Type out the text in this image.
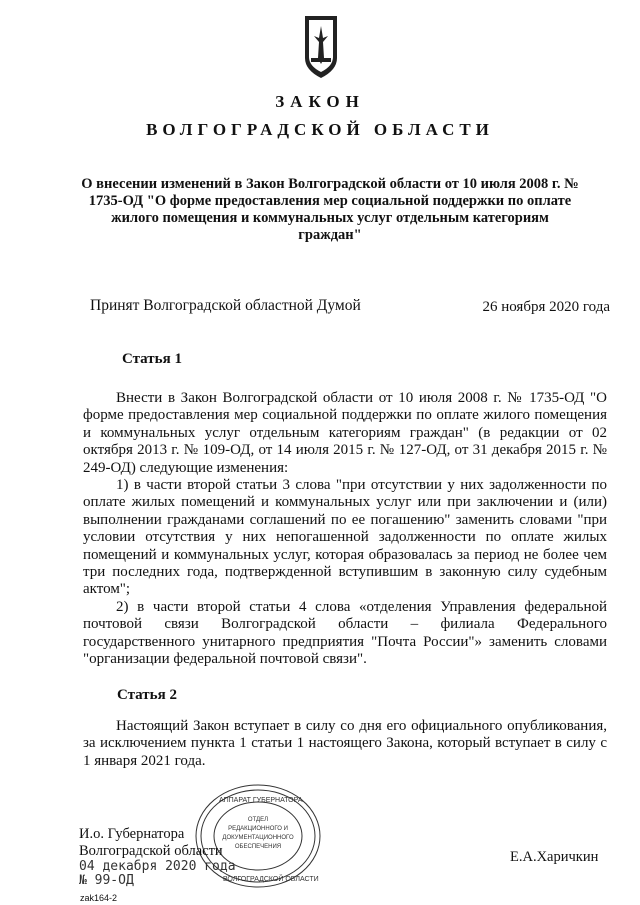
ЗАКОН
ВОЛГОГРАДСКОЙ ОБЛАСТИ
О внесении изменений в Закон Волгоградской области от 10 июля 2008 г. № 1735-ОД "О форме предоставления мер социальной поддержки по оплате жилого помещения и коммунальных услуг отдельным категориям граждан"
Принят Волгоградской областной Думой	26 ноября 2020 года
Статья 1

Внести в Закон Волгоградской области от 10 июля 2008 г. № 1735-ОД "О форме предоставления мер социальной поддержки по оплате жилого помещения и коммунальных услуг отдельным категориям граждан" (в редакции от 02 октября 2013 г. № 109-ОД, от 14 июля 2015 г. № 127-ОД, от 31 декабря 2015 г. № 249-ОД) следующие изменения:

1) в части второй статьи 3 слова "при отсутствии у них задолженности по оплате жилых помещений и коммунальных услуг или при заключении и (или) выполнении гражданами соглашений по ее погашению" заменить словами "при условии отсутствия у них непогашенной задолженности по оплате жилых помещений и коммунальных услуг, которая образовалась за период не более чем три последних года, подтвержденной вступившим в законную силу судебным актом";

2) в части второй статьи 4 слова «отделения Управления федеральной почтовой связи Волгоградской области – филиала Федерального государственного унитарного предприятия "Почта России"» заменить словами "организации федеральной почтовой связи".

Статья 2

Настоящий Закон вступает в силу со дня его официального опубликования, за исключением пункта 1 статьи 1 настоящего Закона, который вступает в силу с 1 января 2021 года.

ОТДЕЛ
РЕДАКЦИОННОГО И
ДОКУМЕНТАЦИОННОГО
ОБЕСПЕЧЕНИЯ
АППАРАТ ГУБЕРНАТОРА
ВОЛГОГРАДСКОЙ ОБЛАСТИ
И.о. Губернатора
Волгоградской области
04 декабря 2020 года
№ 99-ОД
Е.А.Харичкин
zak164-2
